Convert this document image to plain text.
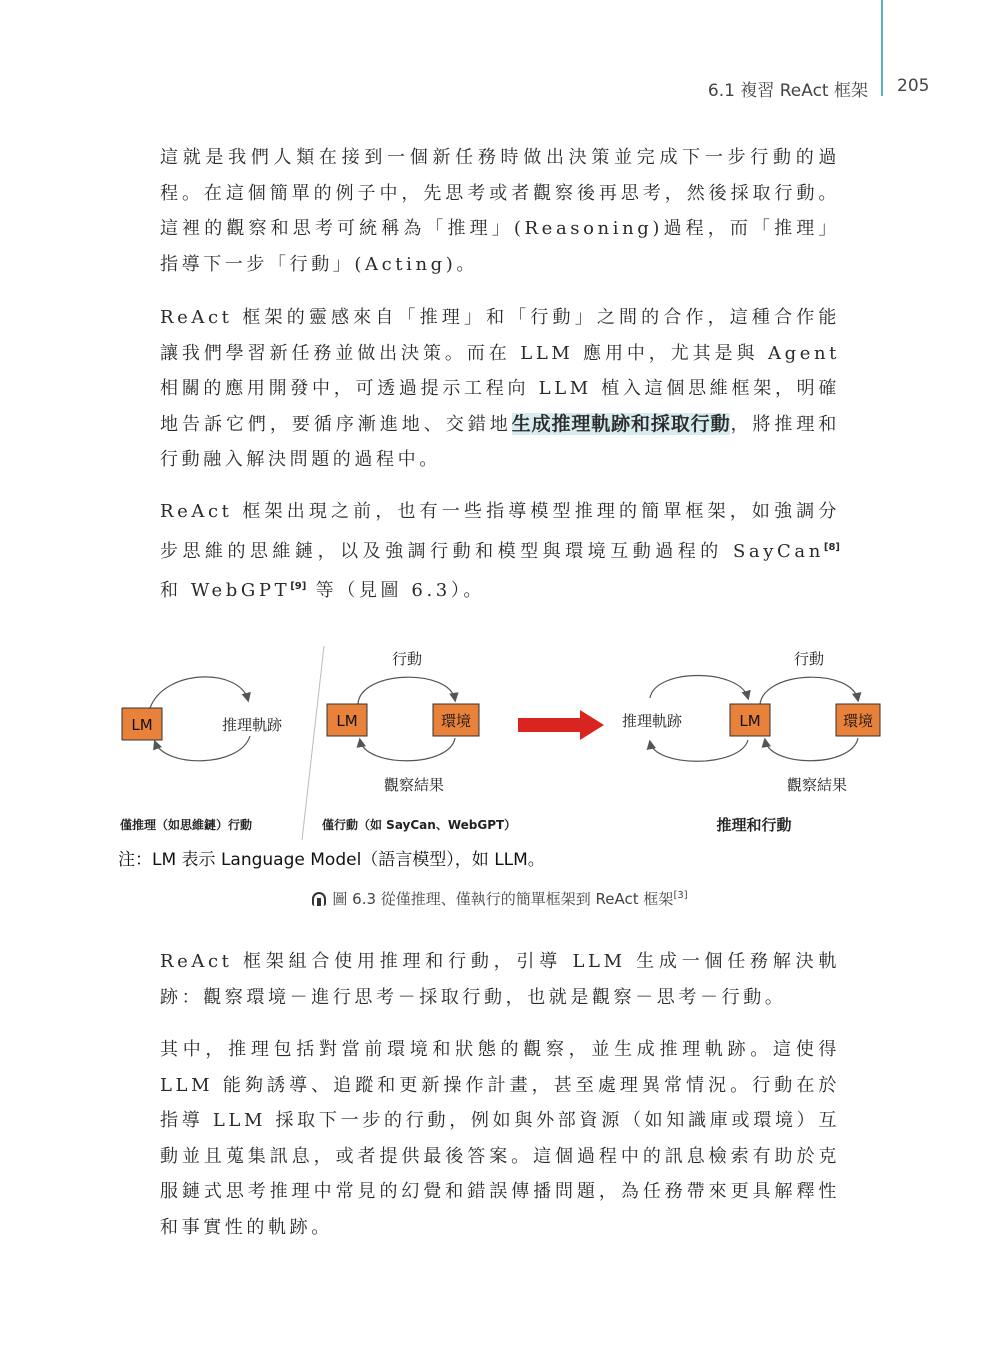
6.1 複習 ReAct 框架 205

這就是我們人類在接到一個新任務時做出決策並完成下一步行動的過程。在這個簡單的例子中，先思考或者觀察後再思考，然後採取行動。這裡的觀察和思考可統稱為「推理」(Reasoning)過程，而「推理」指導下一步「行動」(Acting)。

ReAct 框架的靈感來自「推理」和「行動」之間的合作，這種合作能讓我們學習新任務並做出決策。而在 LLM 應用中，尤其是與 Agent 相關的應用開發中，可透過提示工程向 LLM 植入這個思維框架，明確地告訴它們，要循序漸進地、交錯地生成推理軌跡和採取行動，將推理和行動融入解決問題的過程中。

ReAct 框架出現之前，也有一些指導模型推理的簡單框架，如強調分步思維的思維鏈，以及強調行動和模型與環境互動過程的 SayCan[8] 和 WebGPT[9] 等（見圖 6.3）。

LM	推理軌跡
僅推理（如思維鏈）行動
行動
LM	環境
觀察結果
僅行動（如 SayCan、WebGPT）
推理軌跡
行動
LM	環境
觀察結果
推理和行動
注：LM 表示 Language Model（語言模型），如 LLM。
圖 6.3 從僅推理、僅執行的簡單框架到 ReAct 框架[3]

ReAct 框架組合使用推理和行動，引導 LLM 生成一個任務解決軌跡：觀察環境－進行思考－採取行動，也就是觀察－思考－行動。

其中，推理包括對當前環境和狀態的觀察，並生成推理軌跡。這使得 LLM 能夠誘導、追蹤和更新操作計畫，甚至處理異常情況。行動在於指導 LLM 採取下一步的行動，例如與外部資源（如知識庫或環境）互動並且蒐集訊息，或者提供最後答案。這個過程中的訊息檢索有助於克服鏈式思考推理中常見的幻覺和錯誤傳播問題，為任務帶來更具解釋性和事實性的軌跡。
